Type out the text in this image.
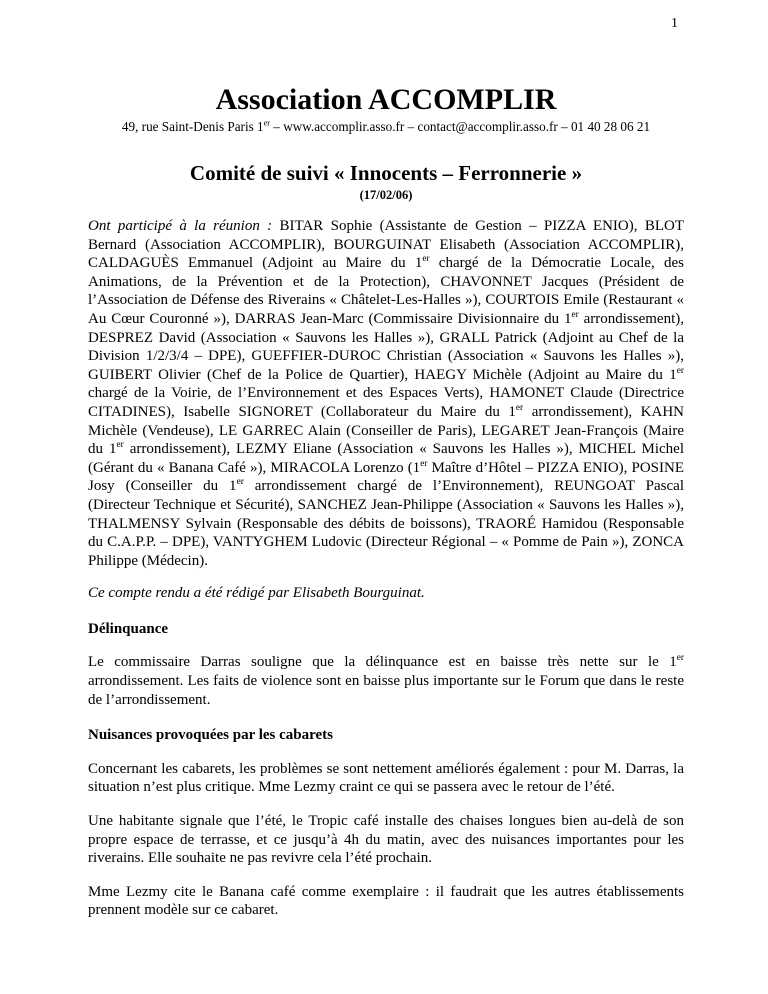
1
Association ACCOMPLIR
49, rue Saint-Denis Paris 1er – www.accomplir.asso.fr – contact@accomplir.asso.fr – 01 40 28 06 21
Comité de suivi « Innocents – Ferronnerie »
(17/02/06)

Ont participé à la réunion : BITAR Sophie (Assistante de Gestion – PIZZA ENIO), BLOT Bernard (Association ACCOMPLIR), BOURGUINAT Elisabeth (Association ACCOMPLIR), CALDAGUÈS Emmanuel (Adjoint au Maire du 1er chargé de la Démocratie Locale, des Animations, de la Prévention et de la Protection), CHAVONNET Jacques (Président de l’Association de Défense des Riverains « Châtelet-Les-Halles »), COURTOIS Emile (Restaurant « Au Cœur Couronné »), DARRAS Jean-Marc (Commissaire Divisionnaire du 1er arrondissement), DESPREZ David (Association « Sauvons les Halles »), GRALL Patrick (Adjoint au Chef de la Division 1/2/3/4 – DPE), GUEFFIER-DUROC Christian (Association « Sauvons les Halles »), GUIBERT Olivier (Chef de la Police de Quartier), HAEGY Michèle (Adjoint au Maire du 1er chargé de la Voirie, de l’Environnement et des Espaces Verts), HAMONET Claude (Directrice CITADINES), Isabelle SIGNORET (Collaborateur du Maire du 1er arrondissement), KAHN Michèle (Vendeuse), LE GARREC Alain (Conseiller de Paris), LEGARET Jean-François (Maire du 1er arrondissement), LEZMY Eliane (Association « Sauvons les Halles »), MICHEL Michel (Gérant du « Banana Café »), MIRACOLA Lorenzo (1er Maître d’Hôtel – PIZZA ENIO), POSINE Josy (Conseiller du 1er arrondissement chargé de l’Environnement), REUNGOAT Pascal (Directeur Technique et Sécurité), SANCHEZ Jean-Philippe (Association « Sauvons les Halles »), THALMENSY Sylvain (Responsable des débits de boissons), TRAORÉ Hamidou (Responsable du C.A.P.P. – DPE), VANTYGHEM Ludovic (Directeur Régional – « Pomme de Pain »), ZONCA Philippe (Médecin).

Ce compte rendu a été rédigé par Elisabeth Bourguinat.

Délinquance

Le commissaire Darras souligne que la délinquance est en baisse très nette sur le 1er arrondissement. Les faits de violence sont en baisse plus importante sur le Forum que dans le reste de l’arrondissement.

Nuisances provoquées par les cabarets

Concernant les cabarets, les problèmes se sont nettement améliorés également : pour M. Darras, la situation n’est plus critique. Mme Lezmy craint ce qui se passera avec le retour de l’été.

Une habitante signale que l’été, le Tropic café installe des chaises longues bien au-delà de son propre espace de terrasse, et ce jusqu’à 4h du matin, avec des nuisances importantes pour les riverains. Elle souhaite ne pas revivre cela l’été prochain.

Mme Lezmy cite le Banana café comme exemplaire : il faudrait que les autres établissements prennent modèle sur ce cabaret.
